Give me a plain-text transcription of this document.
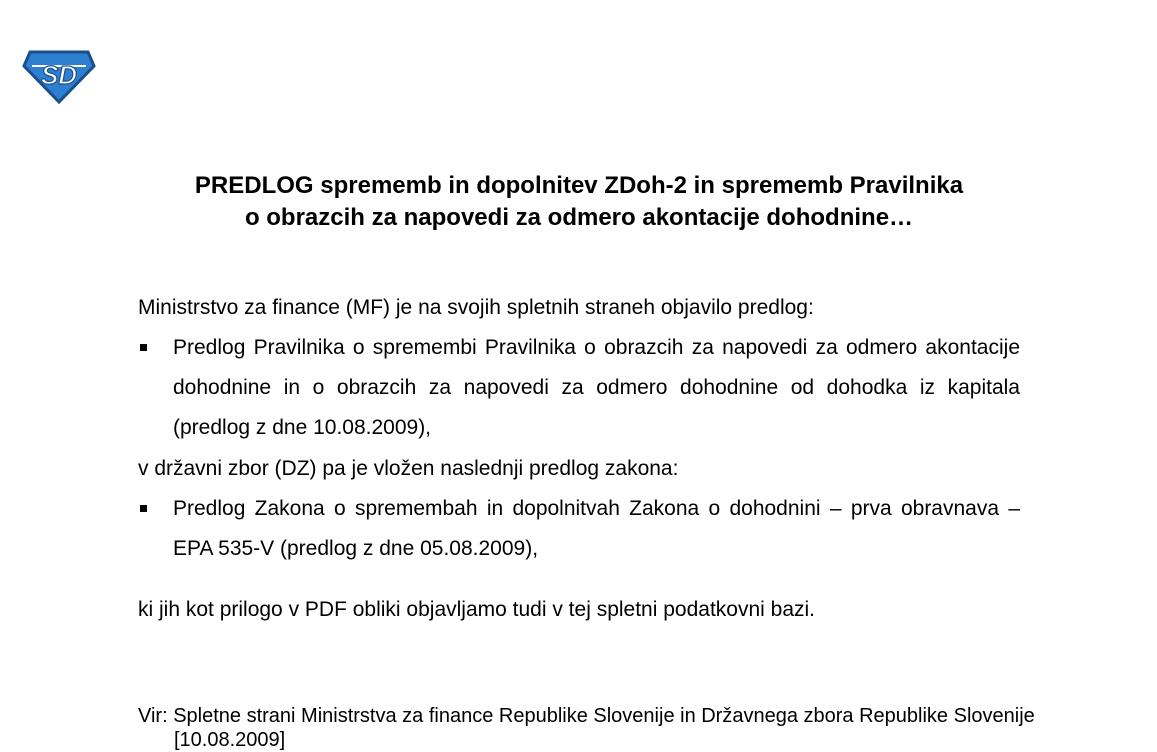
SD
PREDLOG sprememb in dopolnitev ZDoh-2 in sprememb Pravilnika
o obrazcih za napovedi za odmero akontacije dohodnine…

Ministrstvo za finance (MF) je na svojih spletnih straneh objavilo predlog:

Predlog Pravilnika o spremembi Pravilnika o obrazcih za napovedi za odmero akontacije dohodnine in o obrazcih za napovedi za odmero dohodnine od dohodka iz kapitala (predlog z dne 10.08.2009),

v državni zbor (DZ) pa je vložen naslednji predlog zakona:

Predlog Zakona o spremembah in dopolnitvah Zakona o dohodnini – prva obravnava – EPA 535-V (predlog z dne 05.08.2009),

ki jih kot prilogo v PDF obliki objavljamo tudi v tej spletni podatkovni bazi.

Vir: Spletne strani Ministrstva za finance Republike Slovenije in Državnega zbora Republike Slovenije [10.08.2009]
